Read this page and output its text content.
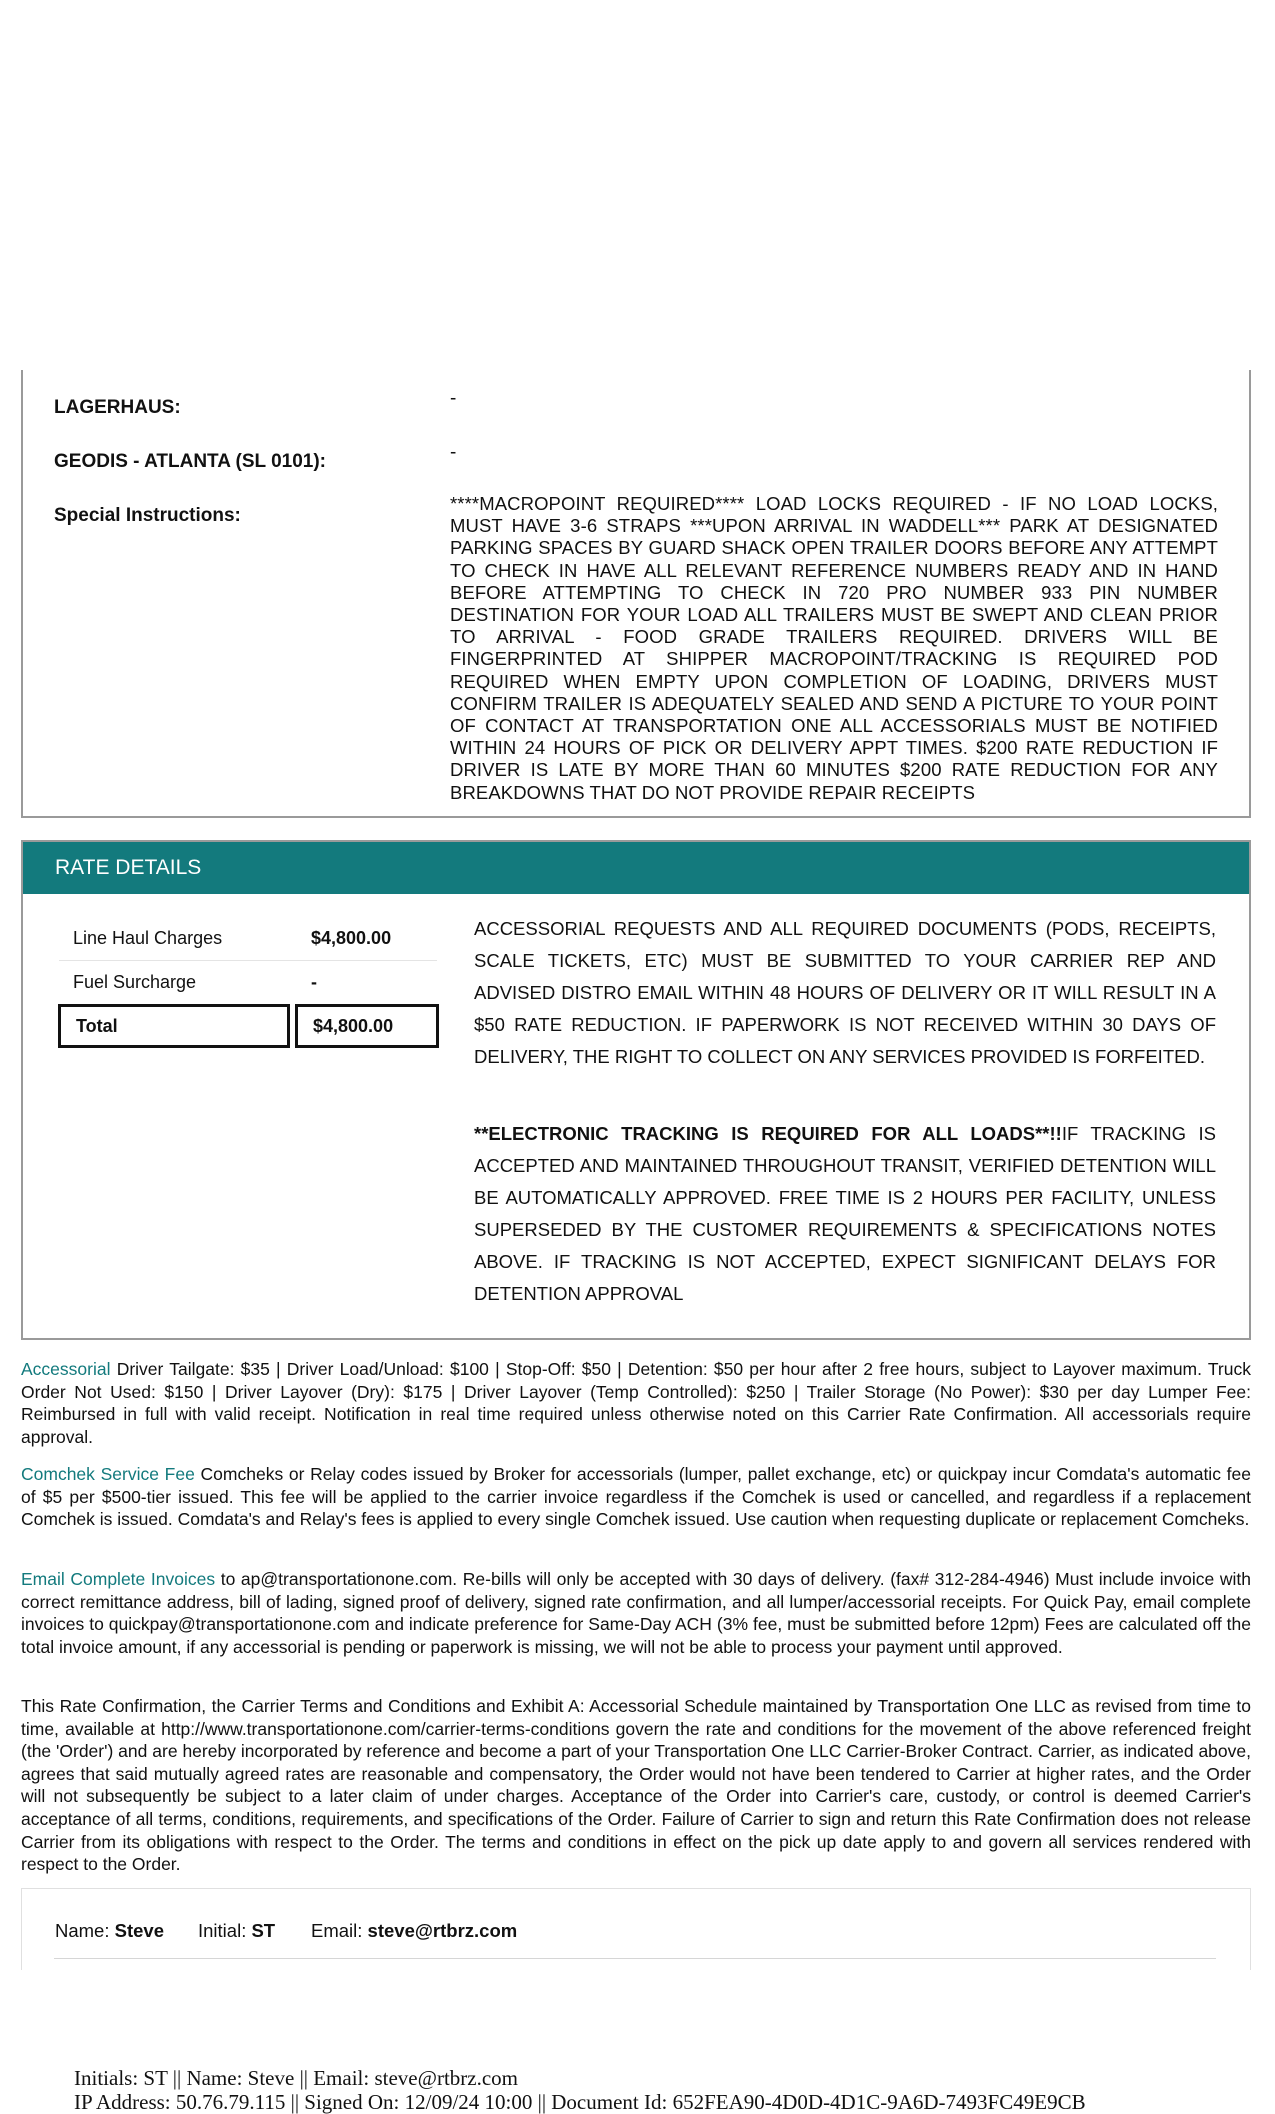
LAGERHAUS:	-
GEODIS - ATLANTA (SL 0101):	-
Special Instructions:
****MACROPOINT REQUIRED**** LOAD LOCKS REQUIRED - IF NO LOAD LOCKS, MUST HAVE 3-6 STRAPS ***UPON ARRIVAL IN WADDELL*** PARK AT DESIGNATED PARKING SPACES BY GUARD SHACK OPEN TRAILER DOORS BEFORE ANY ATTEMPT TO CHECK IN HAVE ALL RELEVANT REFERENCE NUMBERS READY AND IN HAND BEFORE ATTEMPTING TO CHECK IN 720 PRO NUMBER 933 PIN NUMBER DESTINATION FOR YOUR LOAD ALL TRAILERS MUST BE SWEPT AND CLEAN PRIOR TO ARRIVAL - FOOD GRADE TRAILERS REQUIRED. DRIVERS WILL BE FINGERPRINTED AT SHIPPER MACROPOINT/TRACKING IS REQUIRED POD REQUIRED WHEN EMPTY UPON COMPLETION OF LOADING, DRIVERS MUST CONFIRM TRAILER IS ADEQUATELY SEALED AND SEND A PICTURE TO YOUR POINT OF CONTACT AT TRANSPORTATION ONE ALL ACCESSORIALS MUST BE NOTIFIED WITHIN 24 HOURS OF PICK OR DELIVERY APPT TIMES. $200 RATE REDUCTION IF DRIVER IS LATE BY MORE THAN 60 MINUTES $200 RATE REDUCTION FOR ANY BREAKDOWNS THAT DO NOT PROVIDE REPAIR RECEIPTS
RATE DETAILS
Line Haul Charges	$4,800.00
Fuel Surcharge	-
Total	$4,800.00
ACCESSORIAL REQUESTS AND ALL REQUIRED DOCUMENTS (PODS, RECEIPTS, SCALE TICKETS, ETC) MUST BE SUBMITTED TO YOUR CARRIER REP AND ADVISED DISTRO EMAIL WITHIN 48 HOURS OF DELIVERY OR IT WILL RESULT IN A $50 RATE REDUCTION. IF PAPERWORK IS NOT RECEIVED WITHIN 30 DAYS OF DELIVERY, THE RIGHT TO COLLECT ON ANY SERVICES PROVIDED IS FORFEITED.
**ELECTRONIC TRACKING IS REQUIRED FOR ALL LOADS**!!IF TRACKING IS ACCEPTED AND MAINTAINED THROUGHOUT TRANSIT, VERIFIED DETENTION WILL BE AUTOMATICALLY APPROVED. FREE TIME IS 2 HOURS PER FACILITY, UNLESS SUPERSEDED BY THE CUSTOMER REQUIREMENTS & SPECIFICATIONS NOTES ABOVE. IF TRACKING IS NOT ACCEPTED, EXPECT SIGNIFICANT DELAYS FOR DETENTION APPROVAL
Accessorial Driver Tailgate: $35 | Driver Load/Unload: $100 | Stop-Off: $50 | Detention: $50 per hour after 2 free hours, subject to Layover maximum. Truck Order Not Used: $150 | Driver Layover (Dry): $175 | Driver Layover (Temp Controlled): $250 | Trailer Storage (No Power): $30 per day Lumper Fee: Reimbursed in full with valid receipt. Notification in real time required unless otherwise noted on this Carrier Rate Confirmation. All accessorials require approval.
Comchek Service Fee Comcheks or Relay codes issued by Broker for accessorials (lumper, pallet exchange, etc) or quickpay incur Comdata's automatic fee of $5 per $500-tier issued. This fee will be applied to the carrier invoice regardless if the Comchek is used or cancelled, and regardless if a replacement Comchek is issued. Comdata's and Relay's fees is applied to every single Comchek issued. Use caution when requesting duplicate or replacement Comcheks.
Email Complete Invoices to ap@transportationone.com. Re-bills will only be accepted with 30 days of delivery. (fax# 312-284-4946) Must include invoice with correct remittance address, bill of lading, signed proof of delivery, signed rate confirmation, and all lumper/accessorial receipts. For Quick Pay, email complete invoices to quickpay@transportationone.com and indicate preference for Same-Day ACH (3% fee, must be submitted before 12pm) Fees are calculated off the total invoice amount, if any accessorial is pending or paperwork is missing, we will not be able to process your payment until approved.
This Rate Confirmation, the Carrier Terms and Conditions and Exhibit A: Accessorial Schedule maintained by Transportation One LLC as revised from time to time, available at http://www.transportationone.com/carrier-terms-conditions govern the rate and conditions for the movement of the above referenced freight (the 'Order') and are hereby incorporated by reference and become a part of your Transportation One LLC Carrier-Broker Contract. Carrier, as indicated above, agrees that said mutually agreed rates are reasonable and compensatory, the Order would not have been tendered to Carrier at higher rates, and the Order will not subsequently be subject to a later claim of under charges. Acceptance of the Order into Carrier's care, custody, or control is deemed Carrier's acceptance of all terms, conditions, requirements, and specifications of the Order. Failure of Carrier to sign and return this Rate Confirmation does not release Carrier from its obligations with respect to the Order. The terms and conditions in effect on the pick up date apply to and govern all services rendered with respect to the Order.
Name: Steve Initial: ST Email: steve@rtbrz.com
Initials: ST || Name: Steve || Email: steve@rtbrz.com
IP Address: 50.76.79.115 || Signed On: 12/09/24 10:00 || Document Id: 652FEA90-4D0D-4D1C-9A6D-7493FC49E9CB
